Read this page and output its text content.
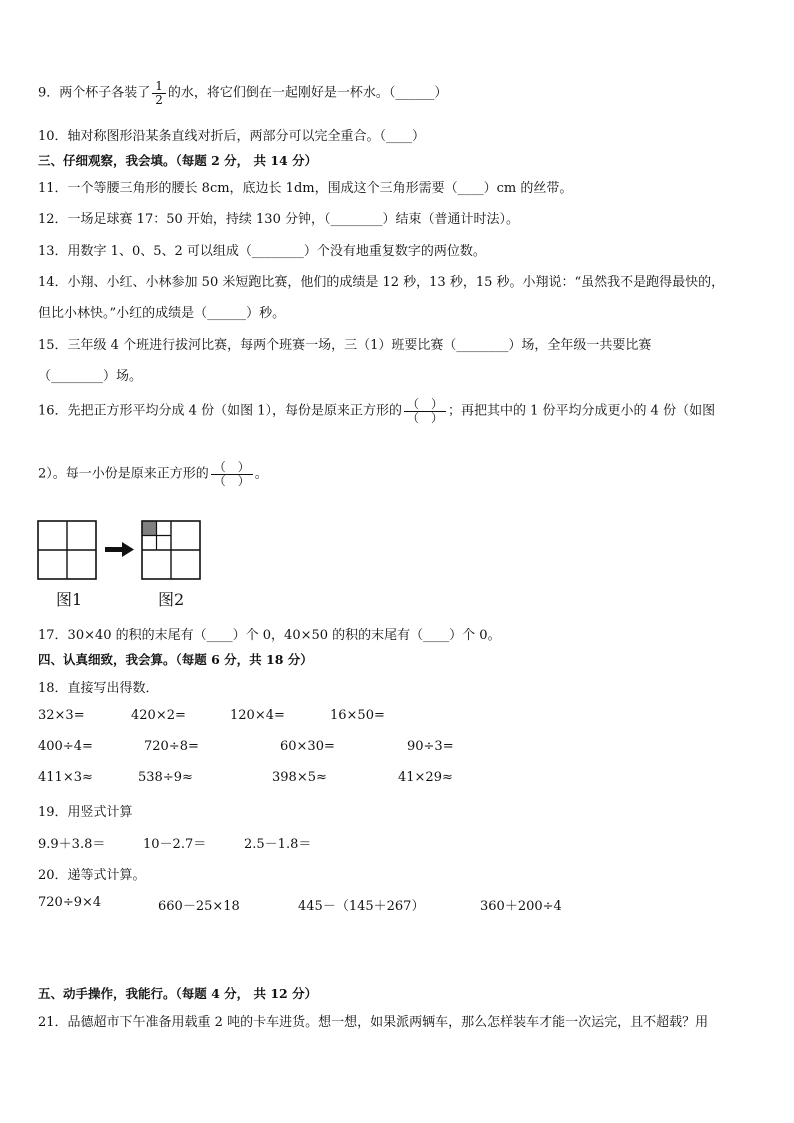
9．两个杯子各装了 $\frac{1}{2}$ 的水，将它们倒在一起刚好是一杯水。（______）
10．轴对称图形沿某条直线对折后，两部分可以完全重合。（____）
三、仔细观察，我会填。（每题 2 分， 共 14 分）
11．一个等腰三角形的腰长 8cm，底边长 1dm，围成这个三角形需要（____）cm 的丝带。
12．一场足球赛 17：50 开始，持续 130 分钟，（________）结束（普通计时法）。
13．用数字 1、0、5、2 可以组成（________）个没有地重复数字的两位数。
14．小翔、小红、小林参加 50 米短跑比赛，他们的成绩是 12 秒，13 秒，15 秒。小翔说：“虽然我不是跑得最快的，
但比小林快。”小红的成绩是（______）秒。
15．三年级 4 个班进行拔河比赛，每两个班赛一场，三（1）班要比赛（________）场，全年级一共要比赛
（________）场。
16．先把正方形平均分成 4 份（如图 1），每份是原来正方形的 $\frac{( )}{( )}$ ；再把其中的 1 份平均分成更小的 4 份（如图
2）。每一小份是原来正方形的 $\frac{( )}{( )}$ 。
图1	图2
17．30×40 的积的末尾有（____）个 0，40×50 的积的末尾有（____）个 0。
四、认真细致，我会算。（每题 6 分，共 18 分）
18．直接写出得数．
32×3=	420×2=	120×4=	16×50=
400÷4=	720÷8=	60×30=	90÷3=
411×3≈	538÷9≈	398×5≈	41×29≈
19．用竖式计算
9.9＋3.8＝	10－2.7＝	2.5－1.8＝
20．递等式计算。
720÷9×4	660－25×18	445－（145＋267）	360＋200÷4
五、动手操作，我能行。（每题 4 分， 共 12 分）
21．品德超市下午准备用载重 2 吨的卡车进货。想一想，如果派两辆车，那么怎样装车才能一次运完，且不超载？用
